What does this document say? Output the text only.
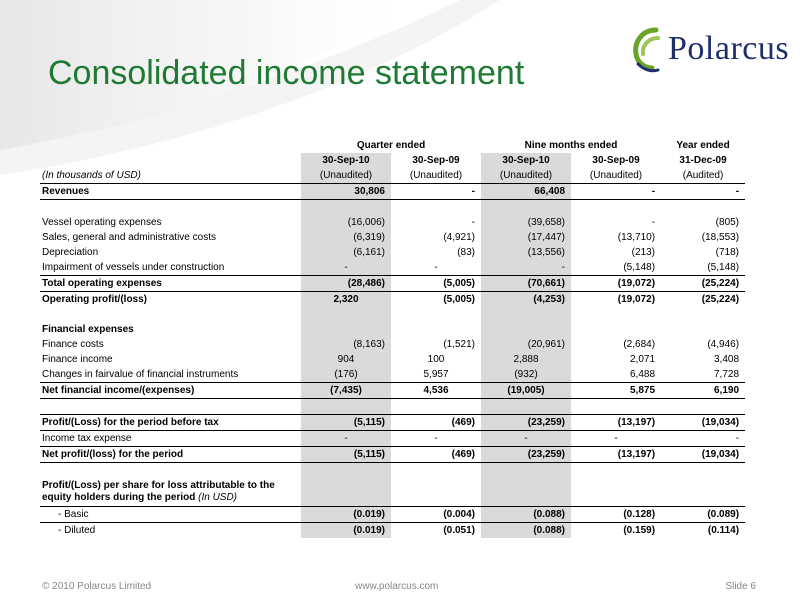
Polarcus
Consolidated income statement
	Quarter ended		Nine months ended		Year ended
	30-Sep-10	30-Sep-09	30-Sep-10	30-Sep-09	31-Dec-09
(In thousands of USD)	(Unaudited)	(Unaudited)	(Unaudited)	(Unaudited)	(Audited)
Revenues	30,806	-	66,408	-	-

Vessel operating expenses	(16,006)	-	(39,658)	-	(805)
Sales, general and administrative costs	(6,319)	(4,921)	(17,447)	(13,710)	(18,553)
Depreciation	(6,161)	(83)	(13,556)	(213)	(718)
Impairment of vessels under construction	-	-	-	(5,148)	(5,148)
Total operating expenses	(28,486)	(5,005)	(70,661)	(19,072)	(25,224)
Operating profit/(loss)	2,320	(5,005)	(4,253)	(19,072)	(25,224)

Financial expenses					
Finance costs	(8,163)	(1,521)	(20,961)	(2,684)	(4,946)
Finance income	904	100	2,888	2,071	3,408
Changes in fairvalue of financial instruments	(176)	5,957	(932)	6,488	7,728
Net financial income/(expenses)	(7,435)	4,536	(19,005)	5,875	6,190

Profit/(Loss) for the period before tax	(5,115)	(469)	(23,259)	(13,197)	(19,034)
Income tax expense	-	-	-	-	-
Net profit/(loss) for the period	(5,115)	(469)	(23,259)	(13,197)	(19,034)

Profit/(Loss) per share for loss attributable to the equity holders during the period (In USD)					
- Basic	(0.019)	(0.004)	(0.088)	(0.128)	(0.089)
- Diluted	(0.019)	(0.051)	(0.088)	(0.159)	(0.114)
© 2010 Polarcus Limited	www.polarcus.com	Slide 6
